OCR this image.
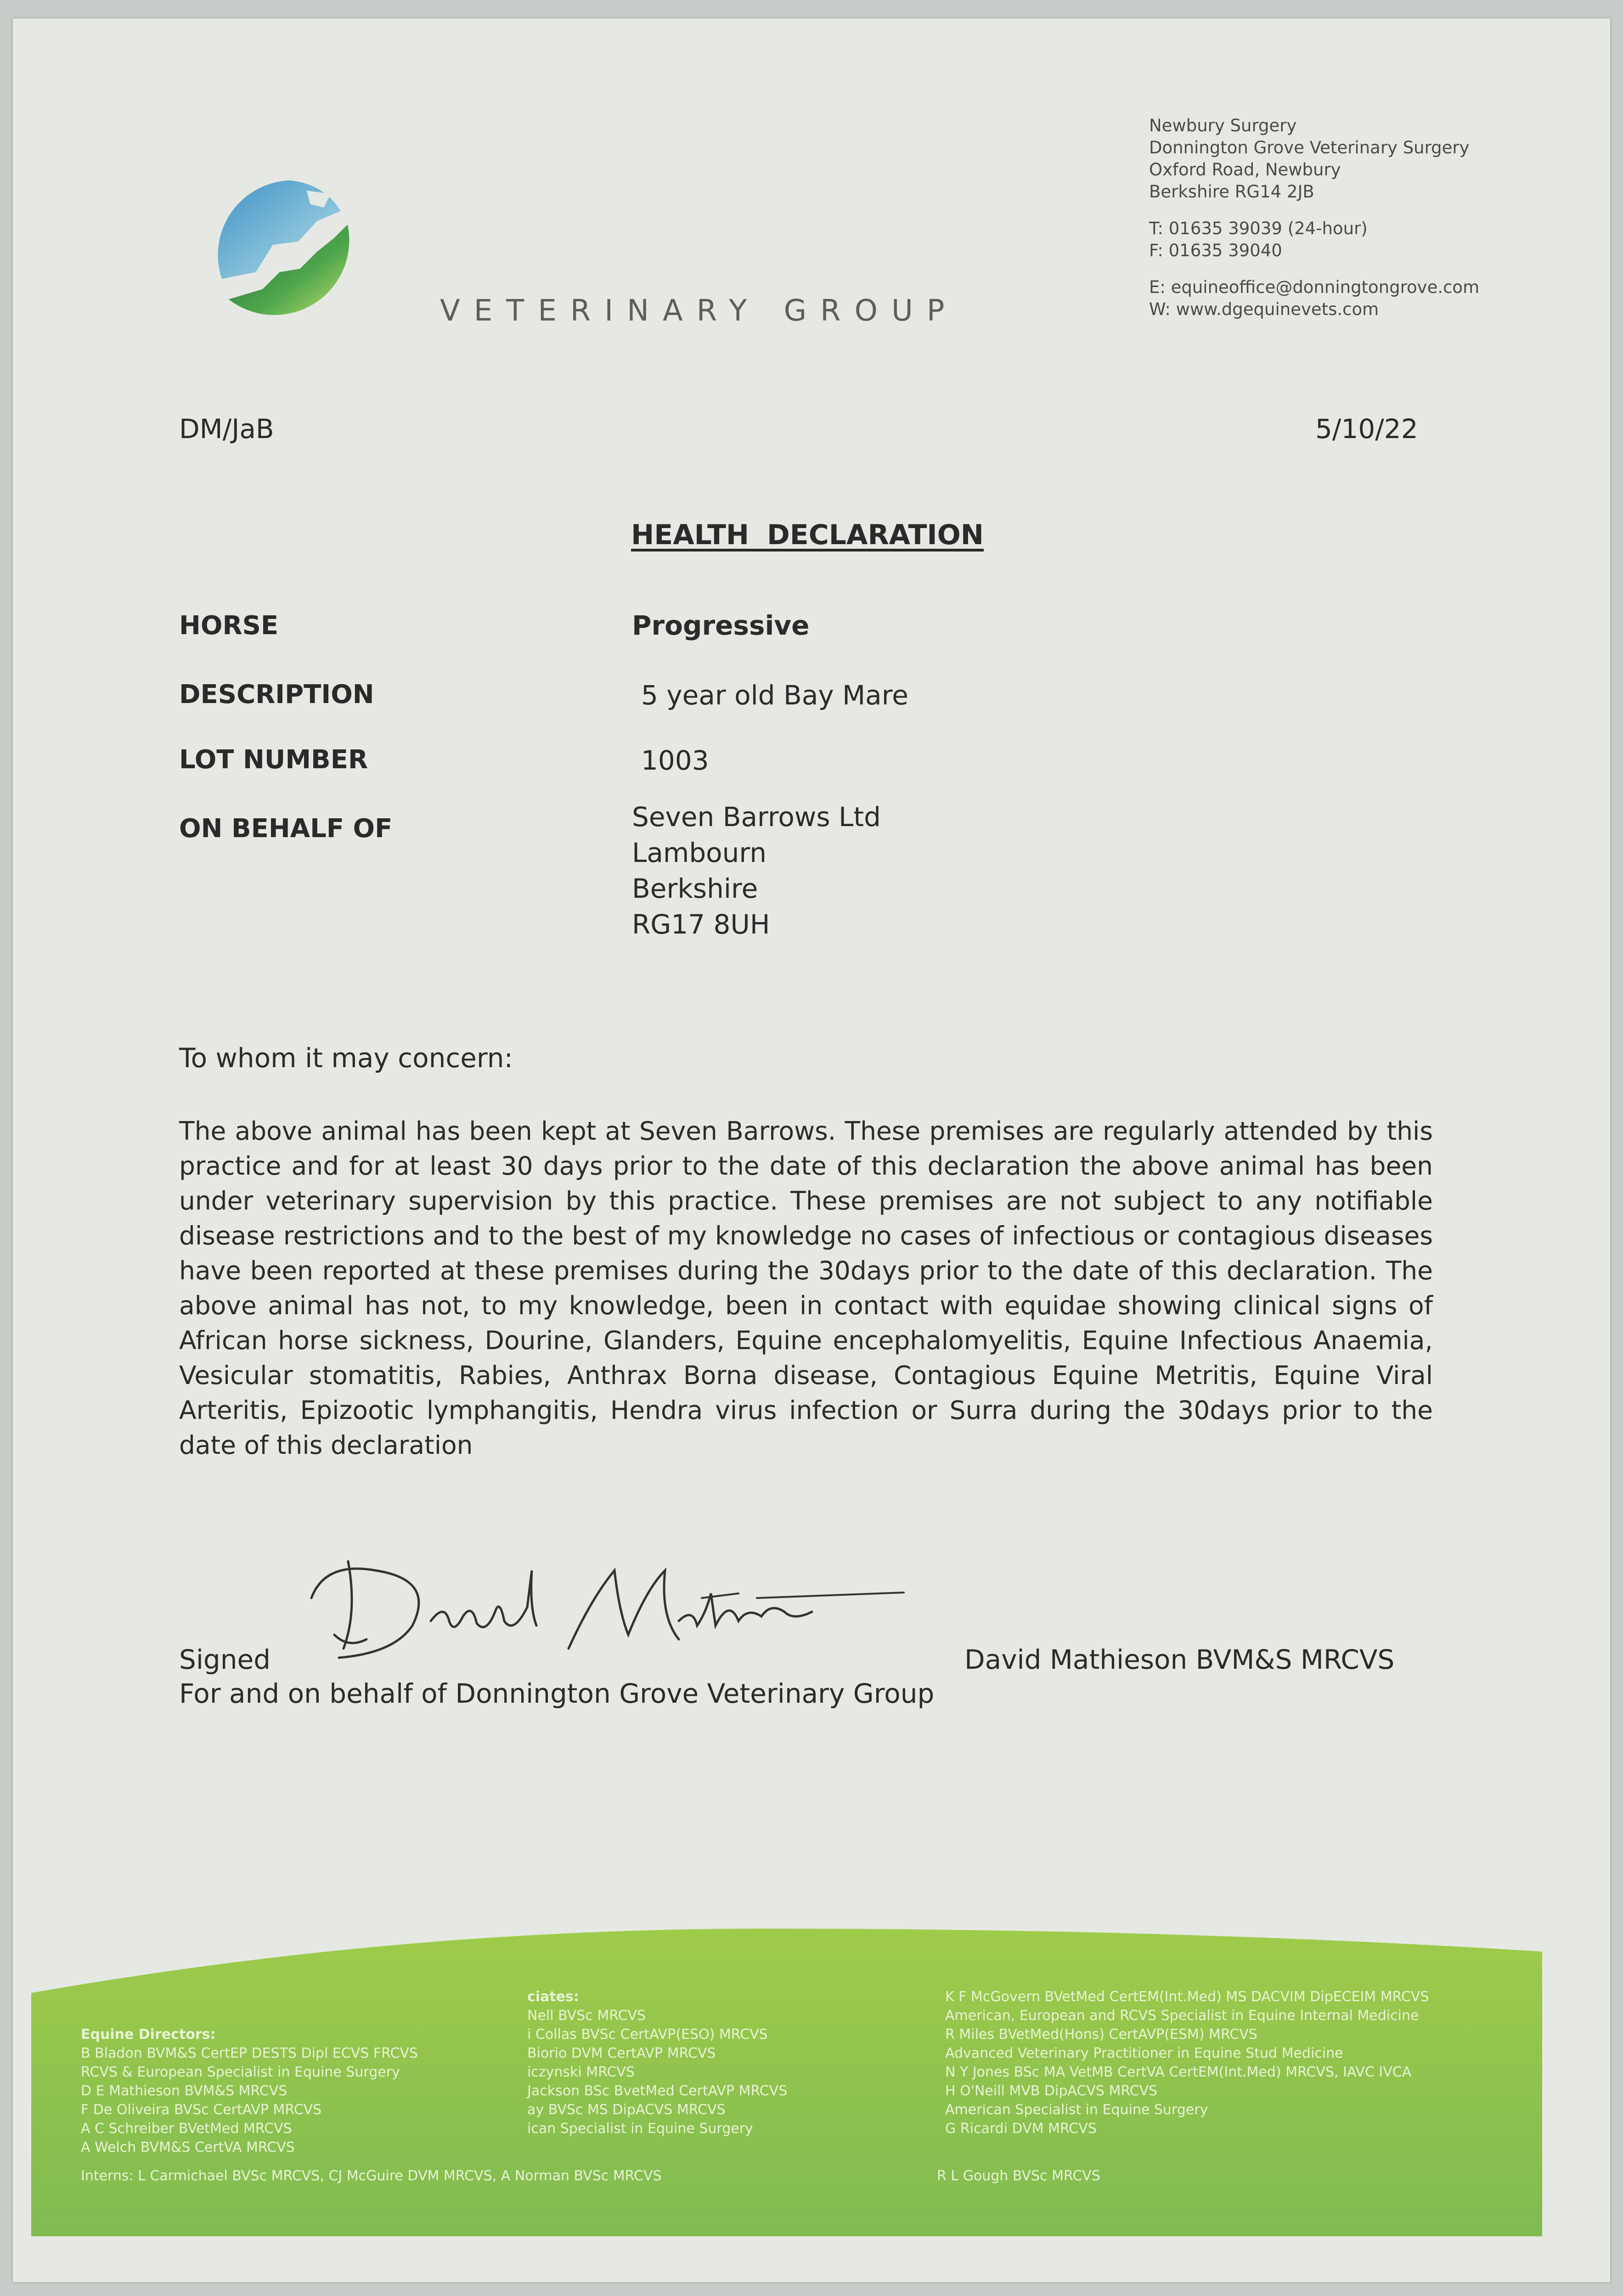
VETERINARY GROUP
Newbury Surgery
Donnington Grove Veterinary Surgery
Oxford Road, Newbury
Berkshire RG14 2JB
T: 01635 39039 (24-hour)
F: 01635 39040
E: equineoffice@donningtongrove.com
W: www.dgequinevets.com
DM/JaB	5/10/22
HEALTH DECLARATION
HORSE	Progressive
DESCRIPTION	5 year old Bay Mare
LOT NUMBER	1003
ON BEHALF OF	Seven Barrows Ltd
Lambourn
Berkshire
RG17 8UH
To whom it may concern:
The above animal has been kept at Seven Barrows. These premises are regularly attended by this practice and for at least 30 days prior to the date of this declaration the above animal has been under veterinary supervision by this practice. These premises are not subject to any notifiable disease restrictions and to the best of my knowledge no cases of infectious or contagious diseases have been reported at these premises during the 30days prior to the date of this declaration. The above animal has not, to my knowledge, been in contact with equidae showing clinical signs of African horse sickness, Dourine, Glanders, Equine encephalomyelitis, Equine Infectious Anaemia, Vesicular stomatitis, Rabies, Anthrax Borna disease, Contagious Equine Metritis, Equine Viral Arteritis, Epizootic lymphangitis, Hendra virus infection or Surra during the 30days prior to the date of this declaration
Signed	David Mathieson BVM&S MRCVS
For and on behalf of Donnington Grove Veterinary Group
Equine Directors:
B Bladon BVM&S CertEP DESTS Dipl ECVS FRCVS
RCVS & European Specialist in Equine Surgery
D E Mathieson BVM&S MRCVS
F De Oliveira BVSc CertAVP MRCVS
A C Schreiber BVetMed MRCVS
A Welch BVM&S CertVA MRCVS
ciates:
Nell BVSc MRCVS
i Collas BVSc CertAVP(ESO) MRCVS
Biorio DVM CertAVP MRCVS
iczynski MRCVS
Jackson BSc BvetMed CertAVP MRCVS
ay BVSc MS DipACVS MRCVS
ican Specialist in Equine Surgery
K F McGovern BVetMed CertEM(Int.Med) MS DACVIM DipECEIM MRCVS
American, European and RCVS Specialist in Equine Internal Medicine
R Miles BVetMed(Hons) CertAVP(ESM) MRCVS
Advanced Veterinary Practitioner in Equine Stud Medicine
N Y Jones BSc MA VetMB CertVA CertEM(Int.Med) MRCVS, IAVC IVCA
H O'Neill MVB DipACVS MRCVS
American Specialist in Equine Surgery
G Ricardi DVM MRCVS
Interns: L Carmichael BVSc MRCVS, CJ McGuire DVM MRCVS, A Norman BVSc MRCVS	R L Gough BVSc MRCVS
